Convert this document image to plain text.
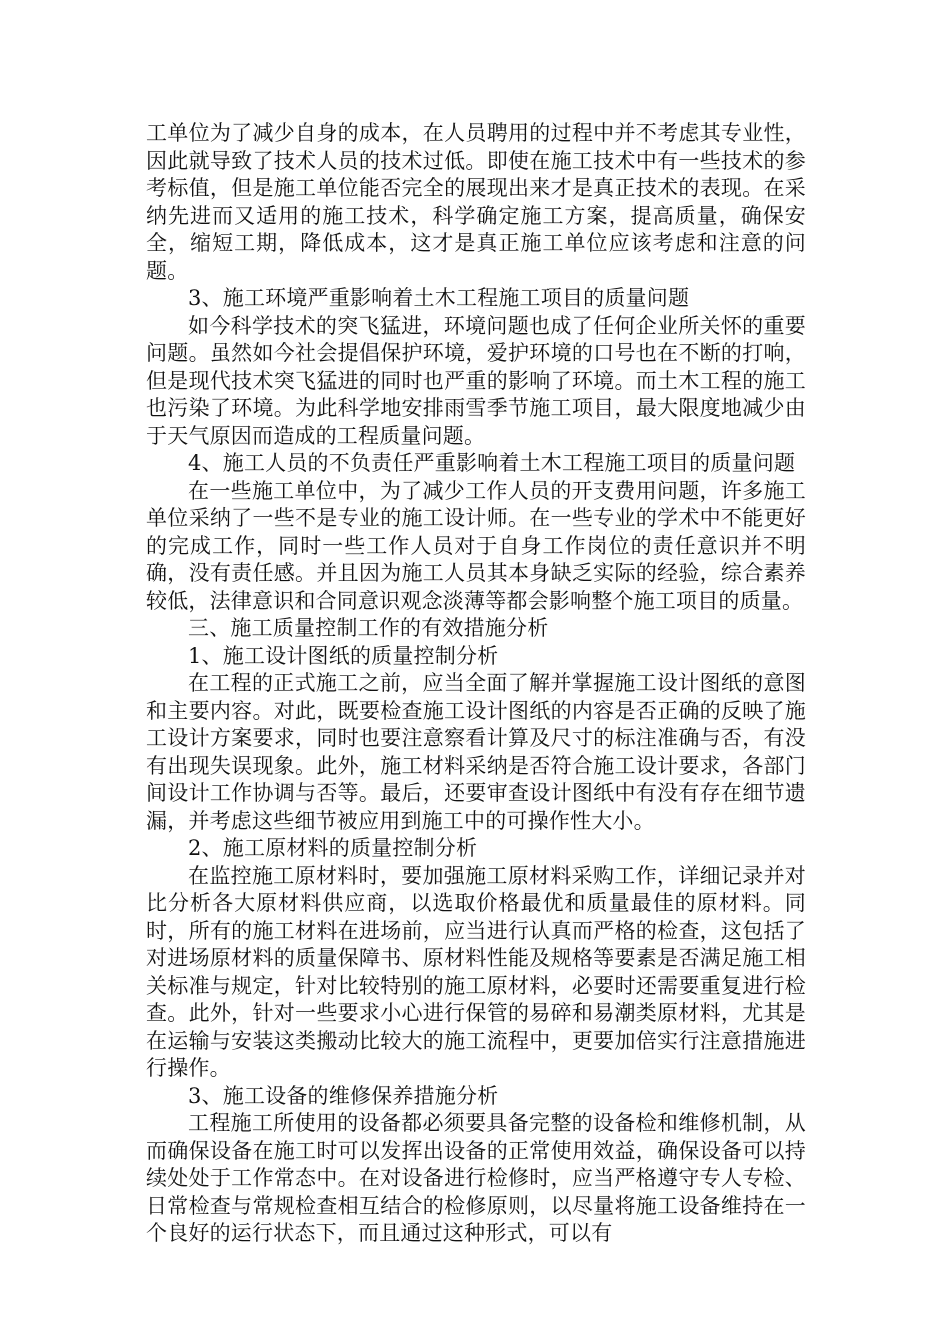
工单位为了减少自身的成本，在人员聘用的过程中并不考虑其专业性，因此就导致了技术人员的技术过低。即使在施工技术中有一些技术的参考标值，但是施工单位能否完全的展现出来才是真正技术的表现。在采纳先进而又适用的施工技术，科学确定施工方案，提高质量，确保安全，缩短工期，降低成本，这才是真正施工单位应该考虑和注意的问题。

3、施工环境严重影响着土木工程施工项目的质量问题

如今科学技术的突飞猛进，环境问题也成了任何企业所关怀的重要问题。虽然如今社会提倡保护环境，爱护环境的口号也在不断的打响，但是现代技术突飞猛进的同时也严重的影响了环境。而土木工程的施工也污染了环境。为此科学地安排雨雪季节施工项目，最大限度地减少由于天气原因而造成的工程质量问题。

4、施工人员的不负责任严重影响着土木工程施工项目的质量问题

在一些施工单位中，为了减少工作人员的开支费用问题，许多施工单位采纳了一些不是专业的施工设计师。在一些专业的学术中不能更好的完成工作，同时一些工作人员对于自身工作岗位的责任意识并不明确，没有责任感。并且因为施工人员其本身缺乏实际的经验，综合素养较低，法律意识和合同意识观念淡薄等都会影响整个施工项目的质量。

三、施工质量控制工作的有效措施分析

1、施工设计图纸的质量控制分析

在工程的正式施工之前，应当全面了解并掌握施工设计图纸的意图和主要内容。对此，既要检查施工设计图纸的内容是否正确的反映了施工设计方案要求，同时也要注意察看计算及尺寸的标注准确与否，有没有出现失误现象。此外，施工材料采纳是否符合施工设计要求，各部门间设计工作协调与否等。最后，还要审查设计图纸中有没有存在细节遗漏，并考虑这些细节被应用到施工中的可操作性大小。

2、施工原材料的质量控制分析

在监控施工原材料时，要加强施工原材料采购工作，详细记录并对比分析各大原材料供应商，以选取价格最优和质量最佳的原材料。同时，所有的施工材料在进场前，应当进行认真而严格的检查，这包括了对进场原材料的质量保障书、原材料性能及规格等要素是否满足施工相关标准与规定，针对比较特别的施工原材料，必要时还需要重复进行检查。此外，针对一些要求小心进行保管的易碎和易潮类原材料，尤其是在运输与安装这类搬动比较大的施工流程中，更要加倍实行注意措施进行操作。

3、施工设备的维修保养措施分析

工程施工所使用的设备都必须要具备完整的设备检和维修机制，从而确保设备在施工时可以发挥出设备的正常使用效益，确保设备可以持续处处于工作常态中。在对设备进行检修时，应当严格遵守专人专检、日常检查与常规检查相互结合的检修原则，以尽量将施工设备维持在一个良好的运行状态下，而且通过这种形式，可以有
